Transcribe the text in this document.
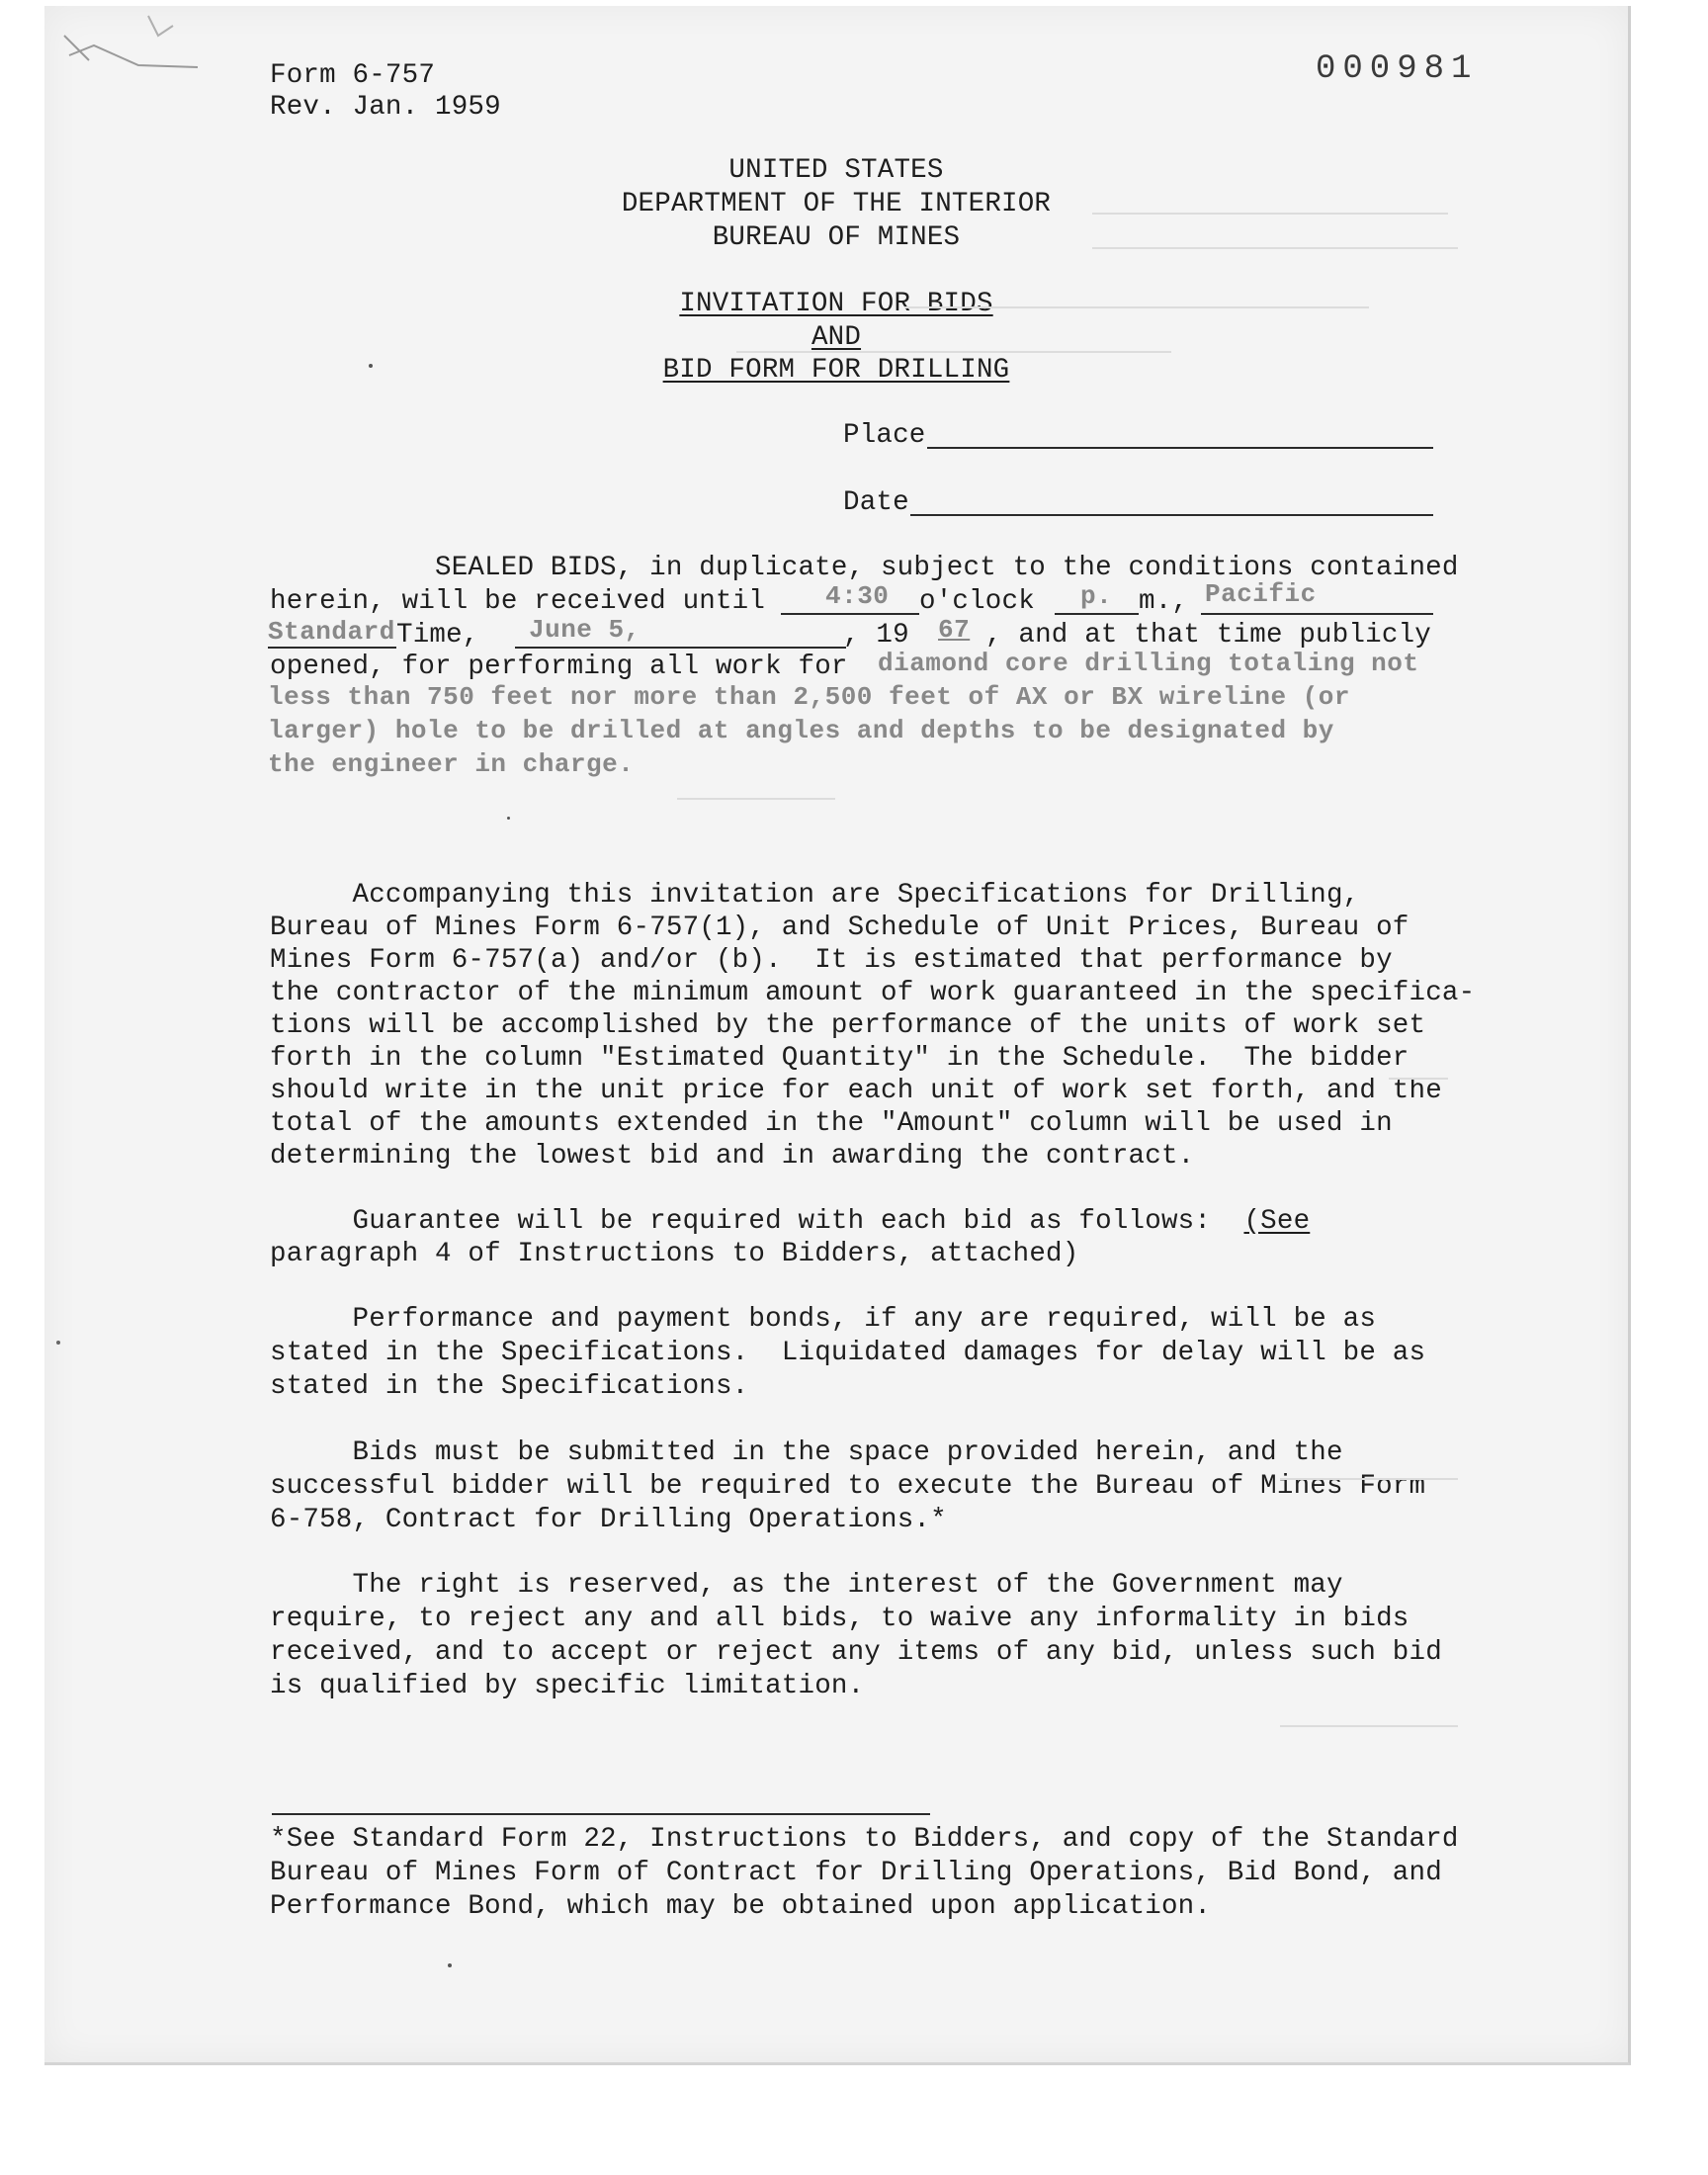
Form 6-757
Rev. Jan. 1959
000981
UNITED STATES
DEPARTMENT OF THE INTERIOR
BUREAU OF MINES
INVITATION FOR BIDS
AND
BID FORM FOR DRILLING
Place
Date
SEALED BIDS, in duplicate, subject to the conditions contained
herein, will be received until 4:30 o'clock p. m., Pacific
Standard Time, June 5,	, 19 67 , and at that time publicly
opened, for performing all work for diamond core drilling totaling not
less than 750 feet nor more than 2,500 feet of AX or BX wireline (or
larger) hole to be drilled at angles and depths to be designated by
the engineer in charge.
Accompanying this invitation are Specifications for Drilling,
Bureau of Mines Form 6-757(1), and Schedule of Unit Prices, Bureau of
Mines Form 6-757(a) and/or (b).  It is estimated that performance by
the contractor of the minimum amount of work guaranteed in the specifica-
tions will be accomplished by the performance of the units of work set
forth in the column "Estimated Quantity" in the Schedule.  The bidder
should write in the unit price for each unit of work set forth, and the
total of the amounts extended in the "Amount" column will be used in
determining the lowest bid and in awarding the contract.
Guarantee will be required with each bid as follows:  (See
paragraph 4 of Instructions to Bidders, attached)
Performance and payment bonds, if any are required, will be as
stated in the Specifications.  Liquidated damages for delay will be as
stated in the Specifications.
Bids must be submitted in the space provided herein, and the
successful bidder will be required to execute the Bureau of Mines Form
6-758, Contract for Drilling Operations.*
The right is reserved, as the interest of the Government may
require, to reject any and all bids, to waive any informality in bids
received, and to accept or reject any items of any bid, unless such bid
is qualified by specific limitation.
*See Standard Form 22, Instructions to Bidders, and copy of the Standard
Bureau of Mines Form of Contract for Drilling Operations, Bid Bond, and
Performance Bond, which may be obtained upon application.
